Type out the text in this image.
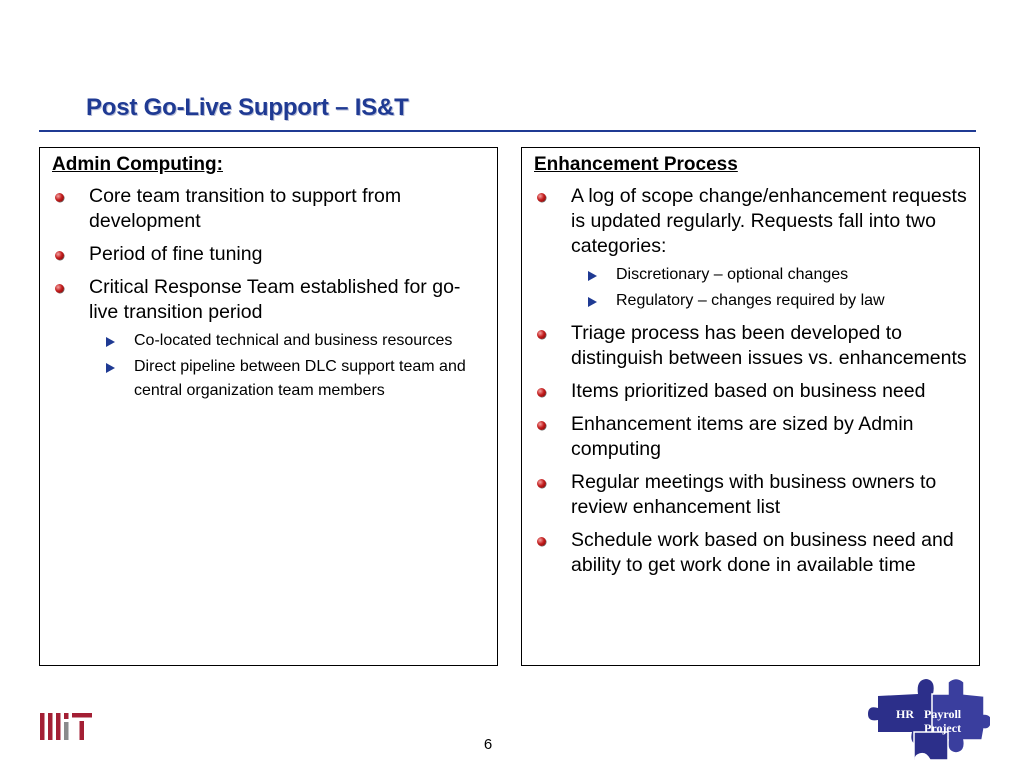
Post Go-Live Support – IS&T
Admin Computing:
Core team transition to support from development
Period of fine tuning
Critical Response Team established for go-live transition period
Co-located technical and business resources
Direct pipeline between DLC support team and central organization team members
Enhancement Process
A log of scope change/enhancement requests is updated regularly. Requests fall into two categories:
Discretionary – optional changes
Regulatory – changes required by law
Triage process has been developed to distinguish between issues vs. enhancements
Items prioritized based on business need
Enhancement items are sized by Admin computing
Regular meetings with business owners to review enhancement list
Schedule work based on business need and ability to get work done in available time
6
HR Payroll
Project
